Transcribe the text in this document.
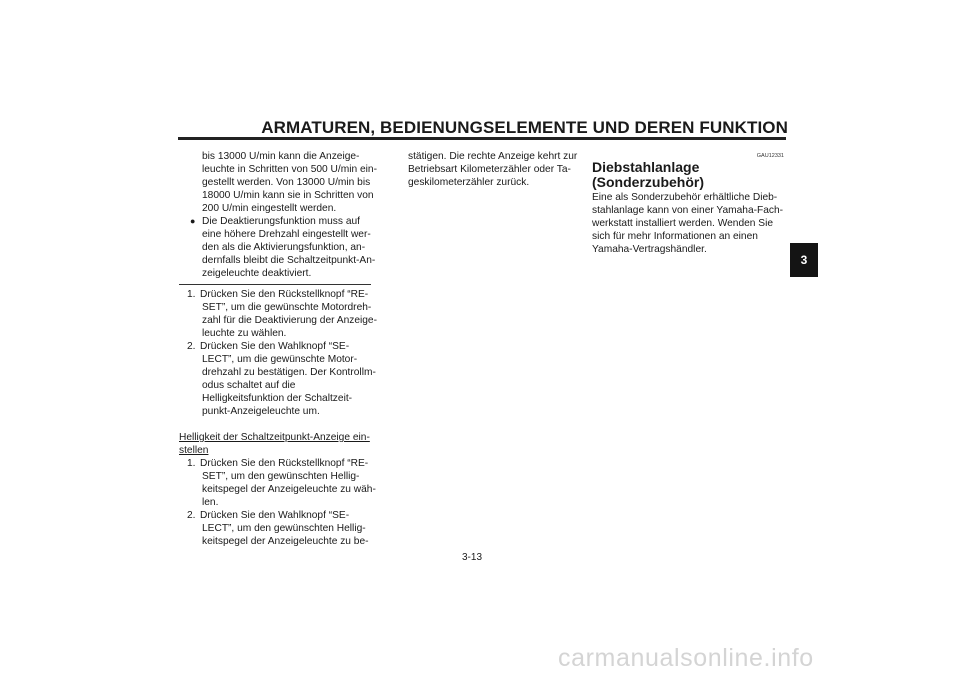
ARMATUREN, BEDIENUNGSELEMENTE UND DEREN FUNKTION
3
bis 13000 U/min kann die Anzeige-
leuchte in Schritten von 500 U/min ein-
gestellt werden. Von 13000 U/min bis
18000 U/min kann sie in Schritten von
200 U/min eingestellt werden.
● Die Deaktierungsfunktion muss auf
eine höhere Drehzahl eingestellt wer-
den als die Aktivierungsfunktion, an-
dernfalls bleibt die Schaltzeitpunkt-An-
zeigeleuchte deaktiviert.
1. Drücken Sie den Rückstellknopf “RE-
SET”, um die gewünschte Motordreh-
zahl für die Deaktivierung der Anzeige-
leuchte zu wählen.
2. Drücken Sie den Wahlknopf “SE-
LECT”, um die gewünschte Motor-
drehzahl zu bestätigen. Der Kontrollm-
odus schaltet auf die
Helligkeitsfunktion der Schaltzeit-
punkt-Anzeigeleuchte um.
Helligkeit der Schaltzeitpunkt-Anzeige ein-
stellen
1. Drücken Sie den Rückstellknopf “RE-
SET”, um den gewünschten Hellig-
keitspegel der Anzeigeleuchte zu wäh-
len.
2. Drücken Sie den Wahlknopf “SE-
LECT”, um den gewünschten Hellig-
keitspegel der Anzeigeleuchte zu be-
stätigen. Die rechte Anzeige kehrt zur
Betriebsart Kilometerzähler oder Ta-
geskilometerzähler zurück.
GAU12331
Diebstahlanlage
(Sonderzubehör)
Eine als Sonderzubehör erhältliche Dieb-
stahlanlage kann von einer Yamaha-Fach-
werkstatt installiert werden. Wenden Sie
sich für mehr Informationen an einen
Yamaha-Vertragshändler.
3-13
carmanualsonline.info
